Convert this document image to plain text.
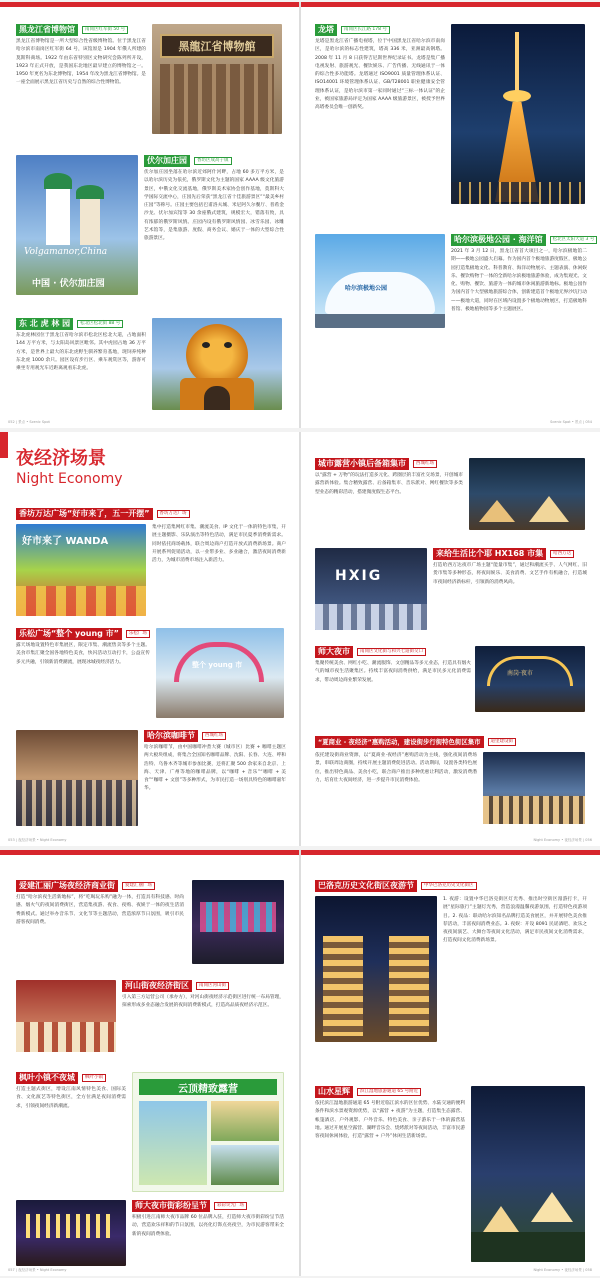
黑龙江省博物馆	南岗区红军街 50 号

黑龙江省博物馆是一所大型综合性省级博物馆。位于黑龙江省哈尔滨市南岗区红军街 64 号，该馆原是 1904 年俄人所建的莫斯科商场。1922 年由东省特别区文物研究会陈列所开设，1923 年正式开放，是我国东北地区最早建立的博物馆之一。1950 年更名为东北博物馆，1954 年改为黑龙江省博物馆。是一座全面展示黑龙江省历史与自然的综合性博物馆。

黑龍江省博物館
Volgamanor,China
中国 · 伏尔加庄园
伏尔加庄园	香坊区成高子镇

伏尔加庄园坐落在哈尔滨近郊阿什河畔，占地 60 多万平方米，是以哈尔滨历史为依托，俄罗斯文化为主题的国家 AAAA 级文化旅游景区，中俄文化交流基地，俄罗斯美术家协会创作基地，莫斯科大学国际交流中心，庄园先后荣获“黑龙江省十佳旅游景区”“最美乡村庄园”等称号。庄园主要包括巴甫洛夫城、米尼阿久尔餐厅、普希金沙龙、伏尔加宾馆等 30 余座俄式建筑，规模宏大，错落有致，具有浓郁的俄罗斯风情。庄园内设有俄罗斯风情园、冰雪乐园、冰雕艺术馆等，是集旅游、度假、商务会议、婚庆于一体的大型综合性旅游景区。

东 北 虎 林 园	松北区松北街 88 号

东北虎林园位于黑龙江省哈尔滨市松北区松北大道，占地面积 144 万平方米，与太阳岛风景区毗邻。其中虎园占地 36 万平方米，是世界上最大的东北虎野生驯养繁育基地，现饲养纯种东北虎 1000 余只。园区设有步行区、乘车观赏区等，游客可乘坐专用观光车近距离观看东北虎。

052 | 景点 • Scenic Spot
龙塔	南岗区长江路 178 号

龙塔是黑龙江省广播电视塔，位于中国黑龙江省哈尔滨市南岗区，是哈尔滨的标志性建筑，塔高 336 米，亚洲最高钢塔。2008 年 11 月 8 日获得吉尼斯世界纪录证书。龙塔是集广播电视发射、旅游观光、餐饮娱乐、广告传播、无线通讯于一体的综合性多功能塔。龙塔通过 ISO9001 质量管理体系认证、ISO14001 环境管理体系认证、GB/T28001 职业健康安全管理体系认证，是哈尔滨市第一家同时通过“三标一体认证”的企业，被国家旅游局评定为国家 AAAA 级旅游景区，被授予世界高塔委员会唯一创新奖。

哈尔滨极地公园
哈尔滨极地公园 · 海洋馆	松北区太阳大道 3 号

2021 年 3 月 12 日，黑龙江省首大项目之一，哈尔滨极地馆二期——极地公园盛大启幕。作为国内首个极地旅游度假区，极地公园打造集极地文化、科普教育、海洋动物展示、主题表演、休闲娱乐、餐饮购物于一体的全新哈尔滨极地旅游体验，成为集观光、文化、购物、餐饮、旅游为一体的城市休闲旅游新地标。极地公园作为国内首个大型极地旅游综合体，创新建造首个极地无界沙坑行动——极地大道，同时在区域内设置多个极地动物展区，打造极地科普馆、极地植物园等多个主题展区。

Scenic Spot • 景点 | 054
夜经济场景
Night Economy
香坊万达广场“好市来了，五一开摆”	香坊万达广场
好市来了 WANDA

集中打造集网红市集、潮流美食、IP 文化于一体的特色市集，开展主题摄影、乐队演出等特色活动，满足市民夏季消费新需求。同时依托商场载体，联合周边商户打造开放式消费新场景。商户开展系列促销活动，以一业带多业、多业融合，激活夜间消费新活力，为城市消费市场注入新活力。

乐松广场“整个 young 市”	乐松广场

露天场地设置特色市集展区，限定市集、潮流售卖等多个主题。美食市集汇聚全国各地特色美食，快闪活动互动打卡，公益宣传多元共融，引领新消费潮流，展现冰城夜经济活力。	整个 young 市
哈尔滨咖啡节	西城红场

哈尔滨咖啡节，由中国咖啡冲煮大赛（城市区）比赛 + 咖啡主题区两大板块组成，将集合全国知名咖啡品牌、沈阳、长春、大连、呼和浩特、乌鲁木齐等城市参加比赛，还将汇聚 500 余家来自北京、上海、天津、广州等地的咖啡品牌，以“咖啡 + 音乐”“咖啡 + 美食”“咖啡 + 文创”等多种形式，为市民打造一场别具特色的咖啡嘉年华。

053 | 夜经济场景 • Night Economy
城市露营小镇后备箱集市	西城红场

以“露营 + 万物”的玩法打造多元化、跨圈层的丰富社交场景，开创城市露营新体验。集合精致露营、后备箱集市、音乐派对、网红餐饮等多类型业态的精彩活动，搭建微度假生态平台。

HXIG
来给生活比个耶 HX168 市集	哈西万达

打造哈西万达夜市广场主题“能量市集”，通过和潮流买手、人气网红、旧货市集等多种形态，将夜间娱乐、美食消费、文艺手作有机融合，打造城市夜间经济新标杆，引领新的消费风尚。

师大夜市	南岗区文化街与和兴七道街交口

集聚传统美食、网红小吃、潮流服饰、文创精品等多元业态，打造具有烟火气的城市夜生活聚集区。持续丰富夜间消费供给，满足市民多元化消费需求，带动周边商业繁荣发展。

南岗·夜市
“夏商业 - 夜经济”惠购活动，建设街步行街特色街区集市	道里建设街

依托建设街商业资源，以“夏商业·夜经济”惠购活动为主线，强化夜间消费场景，串联周边商圈，持续开展主题消费促进活动。活动期间，设置各类特色展位，推出特色商品、美食小吃，联合商户推出多种优惠让利活动，激发消费潜力，培育壮大夜间经济，进一步提升市民消费体验。

Night Economy • 夜经济场景 | 056
爱建汇丽广场夜经济商业街	爱建汇丽广场

打造“哈尔滨夜生活新地标”，将“吃喝玩乐购”融为一体，打造具有科技感、时尚感、烟火气的夜间消费街区，营造集夜游、夜食、夜购、夜娱于一体的夜生活消费新模式。通过举办音乐节、文化节等主题活动，营造浓厚节日氛围，吸引市民游客夜间消费。

河山街夜经济街区	南岗区河山街

引入第三方运营公司（承办方），对河山街夜经济示范街区进行统一布局管理，探索形成多业态融合发展的夜间消费新模式，打造高品质夜经济示范区。

枫叶小镇不夜城	枫叶小镇

打造主题式街区，增设江南风情特色美食、国际美食、文化演艺等特色街区，全方位满足夜间消费需求，引领夜间经济新潮流。

云顶精致露营
师大夜市街彩纷呈节	彩彩荧光广场

积极引进江南师大夜市品牌 60 位品牌入驻，打造师大夜市街彩纷呈节活动，营造欢乐祥和的节日氛围，以亮化灯饰点亮夜空，为市民游客带来全新的夜间消费体验。

057 | 夜经济场景 • Night Economy
巴洛克历史文化街区夜游节	中华巴洛克历史文化街区

1. 夜游：设置中华巴洛克街区灯光秀、推出时空街区漫游打卡，开展“星际旅行”主题灯光秀，营造浪漫温馨夜游氛围，打造特色夜游项目。2. 夜品：联动哈尔滨知名品牌打造美食展区，并开展特色美食推荐活动，丰富夜间消费业态。3. 夜娱：开设 8091 民谣酒吧、欢乐之夜夜间演艺、大舞台等夜间文化活动，满足市民夜间文化消费需求，打造夜间文化消费新场景。

山水星辉	滨江湿地旅游通道 65 号附近

依托滨江湿地旅游通道 65 号附近临江滨水的区位优势、水陆交通的便利条件和滨水景观资源优势，以“露营 + 夜游”为主题，打造集生态露营、帐篷酒店、户外观影、户外音乐、特色美食、亲子游乐于一体的露营基地。通过开展星空露营、湖畔音乐会、烧烤派对等夜间活动，丰富市民游客夜间休闲体验，打造“露营 + 户外”休闲生活新场景。

Night Economy • 夜经济场景 | 058
